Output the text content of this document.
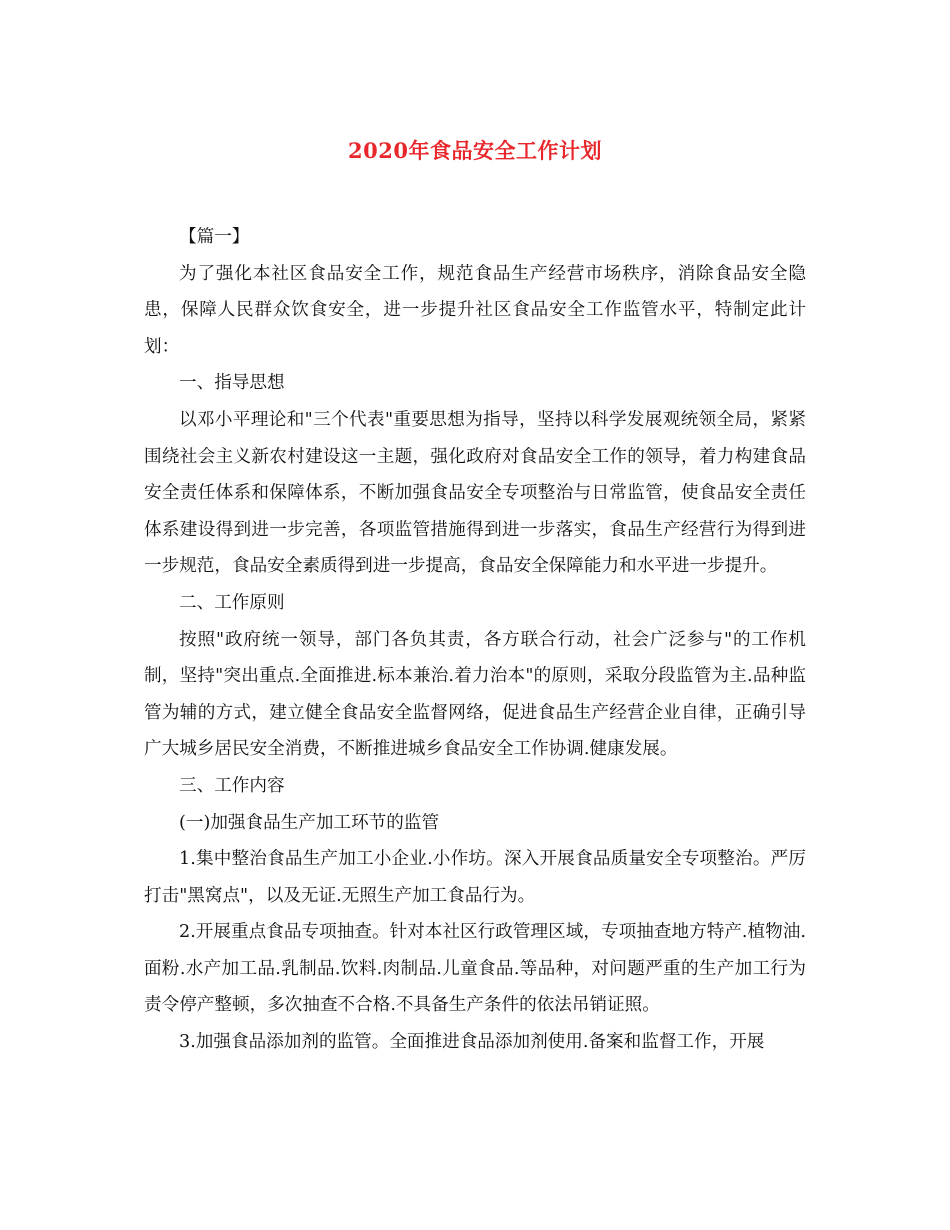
2020年食品安全工作计划

【篇一】

为了强化本社区食品安全工作，规范食品生产经营市场秩序，消除食品安全隐患，保障人民群众饮食安全，进一步提升社区食品安全工作监管水平，特制定此计划：

一、指导思想

以邓小平理论和"三个代表"重要思想为指导，坚持以科学发展观统领全局，紧紧围绕社会主义新农村建设这一主题，强化政府对食品安全工作的领导，着力构建食品安全责任体系和保障体系，不断加强食品安全专项整治与日常监管，使食品安全责任体系建设得到进一步完善，各项监管措施得到进一步落实，食品生产经营行为得到进一步规范，食品安全素质得到进一步提高，食品安全保障能力和水平进一步提升。

二、工作原则

按照"政府统一领导，部门各负其责，各方联合行动，社会广泛参与"的工作机制，坚持"突出重点.全面推进.标本兼治.着力治本"的原则，采取分段监管为主.品种监管为辅的方式，建立健全食品安全监督网络，促进食品生产经营企业自律，正确引导广大城乡居民安全消费，不断推进城乡食品安全工作协调.健康发展。

三、工作内容

(一)加强食品生产加工环节的监管

1.集中整治食品生产加工小企业.小作坊。深入开展食品质量安全专项整治。严厉打击"黑窝点"，以及无证.无照生产加工食品行为。

2.开展重点食品专项抽查。针对本社区行政管理区域，专项抽查地方特产.植物油.面粉.水产加工品.乳制品.饮料.肉制品.儿童食品.等品种，对问题严重的生产加工行为责令停产整顿，多次抽查不合格.不具备生产条件的依法吊销证照。

3.加强食品添加剂的监管。全面推进食品添加剂使用.备案和监督工作，开展
